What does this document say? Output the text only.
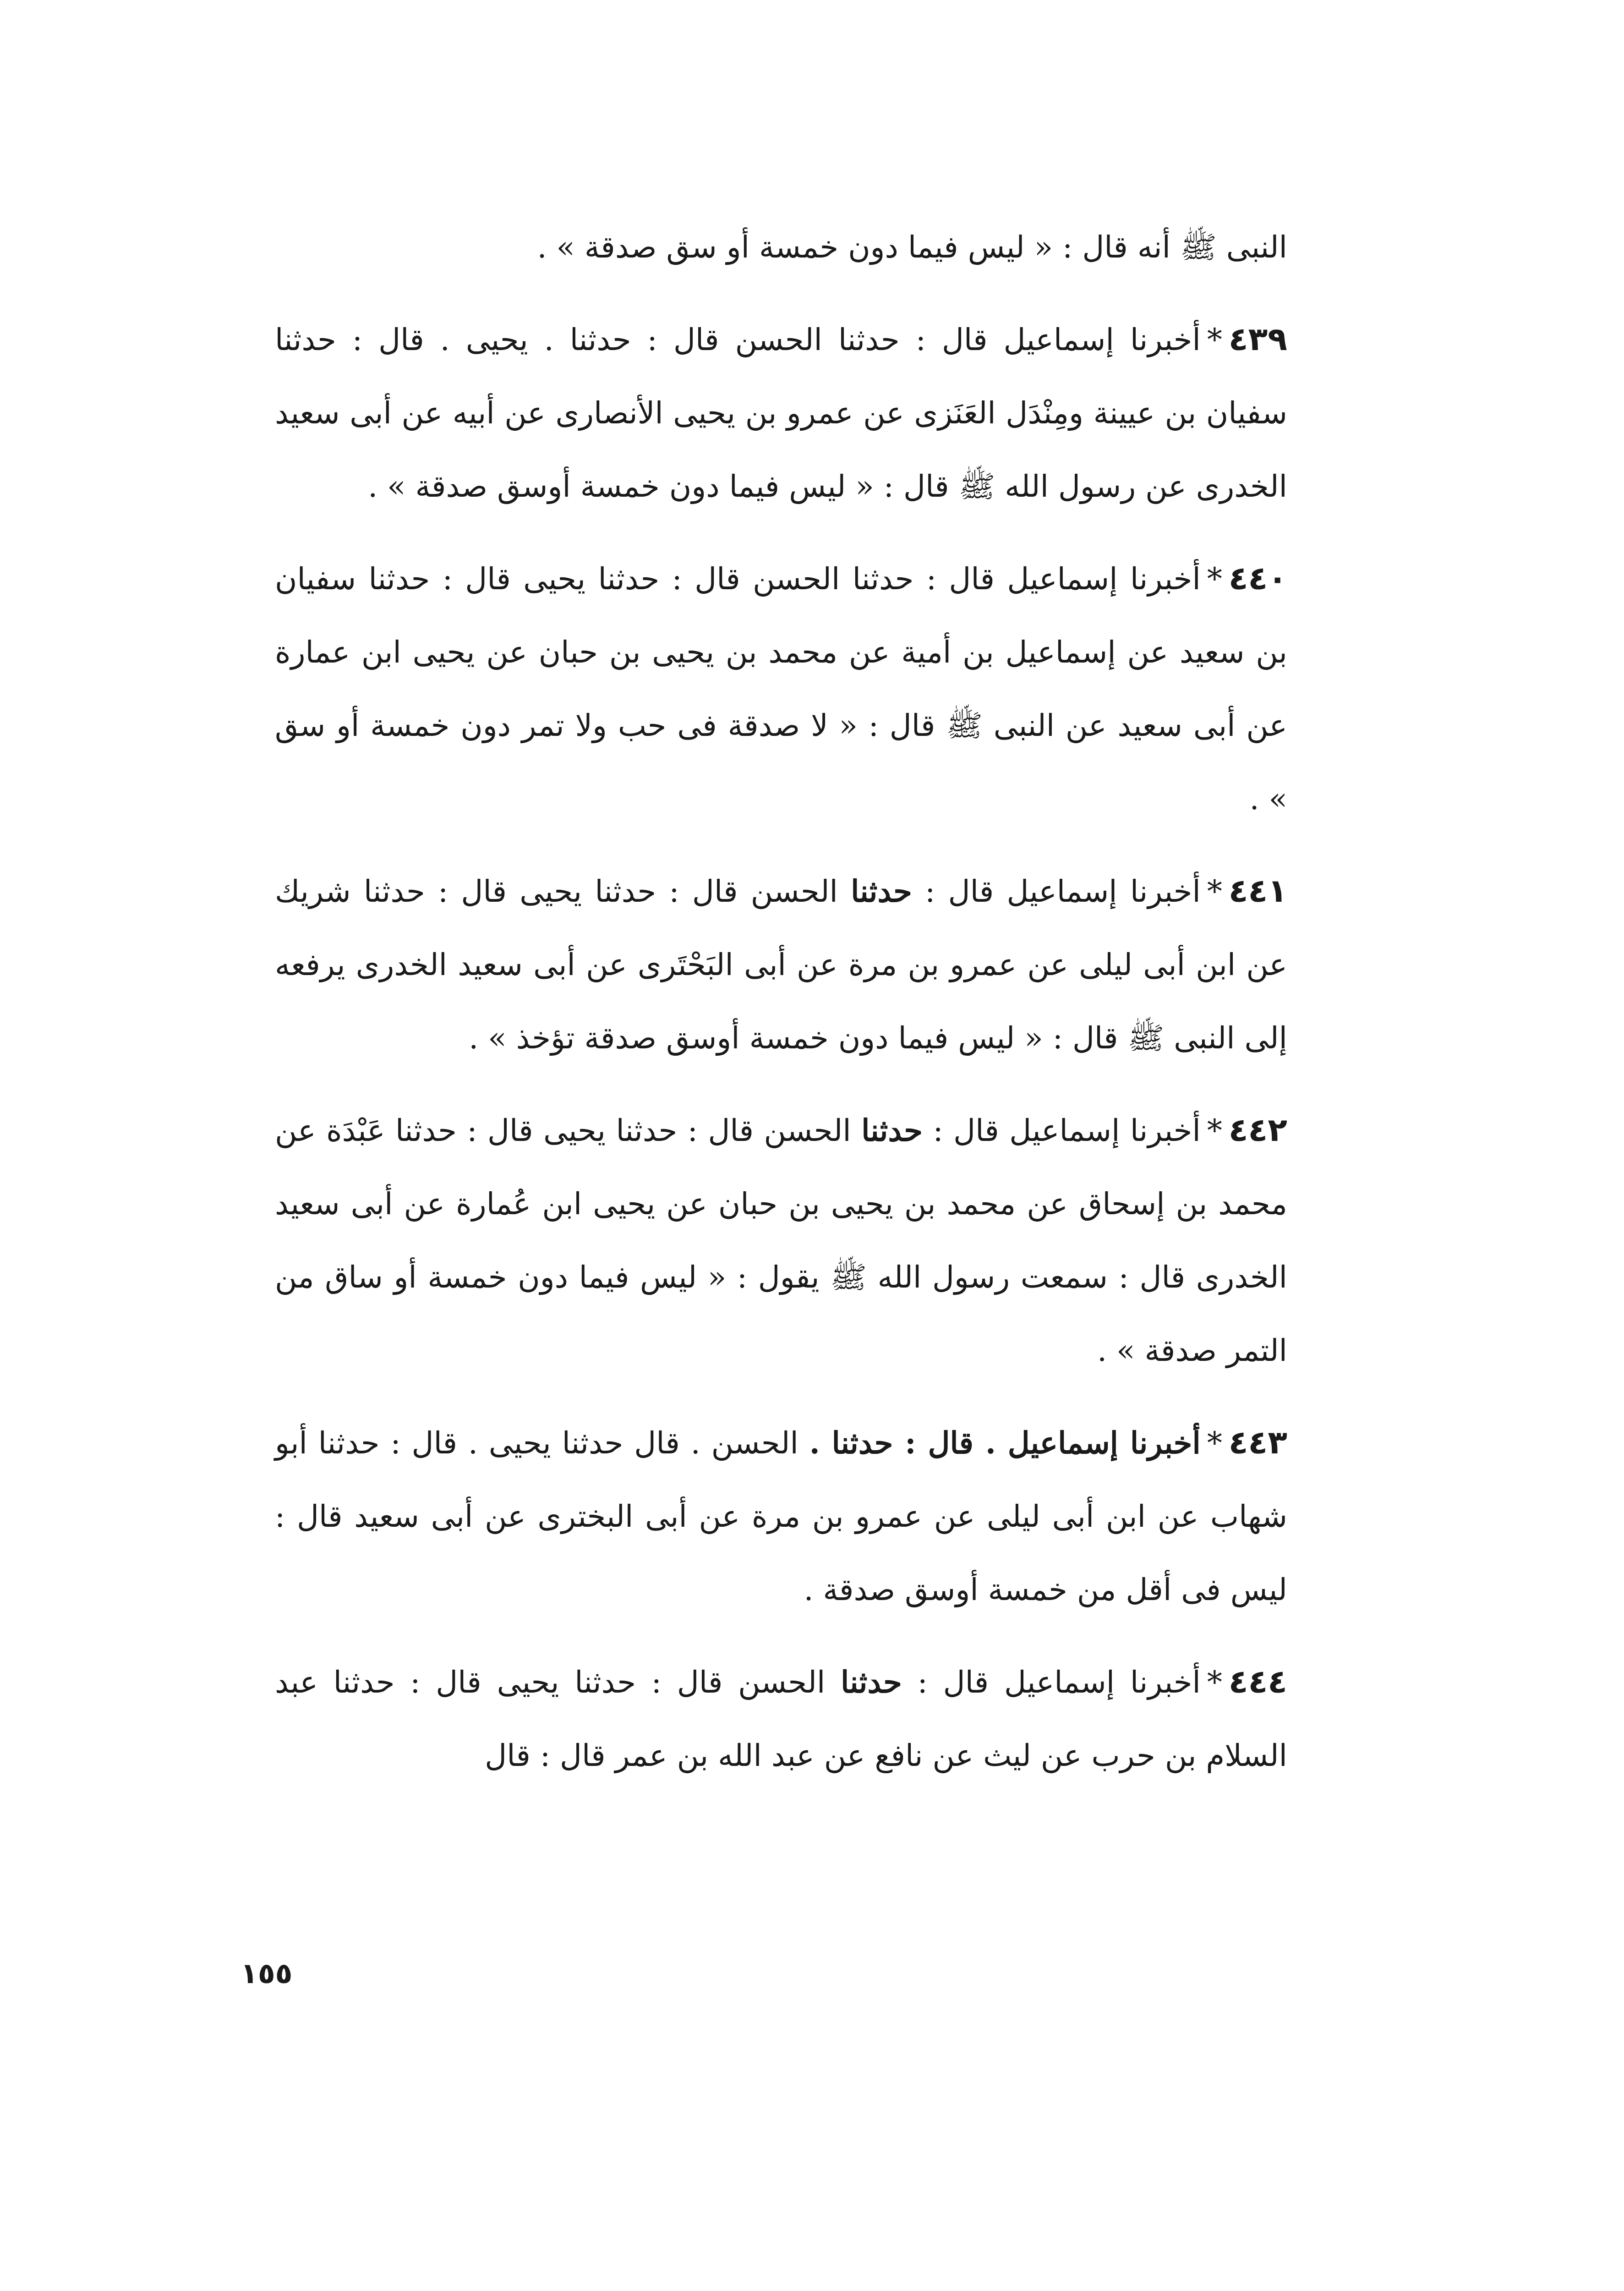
النبى ﷺ أنه قال : « ليس فيما دون خمسة أو سق صدقة » .

٤٣٩*أخبرنا إسماعيل قال : حدثنا الحسن قال : حدثنا . يحيى . قال : حدثنا سفيان بن عيينة ومِنْدَل العَنَزى عن عمرو بن يحيى الأنصارى عن أبيه عن أبى سعيد الخدرى عن رسول الله ﷺ قال : « ليس فيما دون خمسة أوسق صدقة » .

٤٤٠*أخبرنا إسماعيل قال : حدثنا الحسن قال : حدثنا يحيى قال : حدثنا سفيان بن سعيد عن إسماعيل بن أمية عن محمد بن يحيى بن حبان عن يحيى ابن عمارة عن أبى سعيد عن النبى ﷺ قال : « لا صدقة فى حب ولا تمر دون خمسة أو سق » .

٤٤١*أخبرنا إسماعيل قال : حدثنا الحسن قال : حدثنا يحيى قال : حدثنا شريك عن ابن أبى ليلى عن عمرو بن مرة عن أبى البَحْتَرى عن أبى سعيد الخدرى يرفعه إلى النبى ﷺ قال : « ليس فيما دون خمسة أوسق صدقة تؤخذ » .

٤٤٢*أخبرنا إسماعيل قال : حدثنا الحسن قال : حدثنا يحيى قال : حدثنا عَبْدَة عن محمد بن إسحاق عن محمد بن يحيى بن حبان عن يحيى ابن عُمارة عن أبى سعيد الخدرى قال : سمعت رسول الله ﷺ يقول : « ليس فيما دون خمسة أو ساق من التمر صدقة » .

٤٤٣*أخبرنا إسماعيل . قال : حدثنا . الحسن . قال حدثنا يحيى . قال : حدثنا أبو شهاب عن ابن أبى ليلى عن عمرو بن مرة عن أبى البخترى عن أبى سعيد قال : ليس فى أقل من خمسة أوسق صدقة .

٤٤٤*أخبرنا إسماعيل قال : حدثنا الحسن قال : حدثنا يحيى قال : حدثنا عبد السلام بن حرب عن ليث عن نافع عن عبد الله بن عمر قال : قال

١٥٥
